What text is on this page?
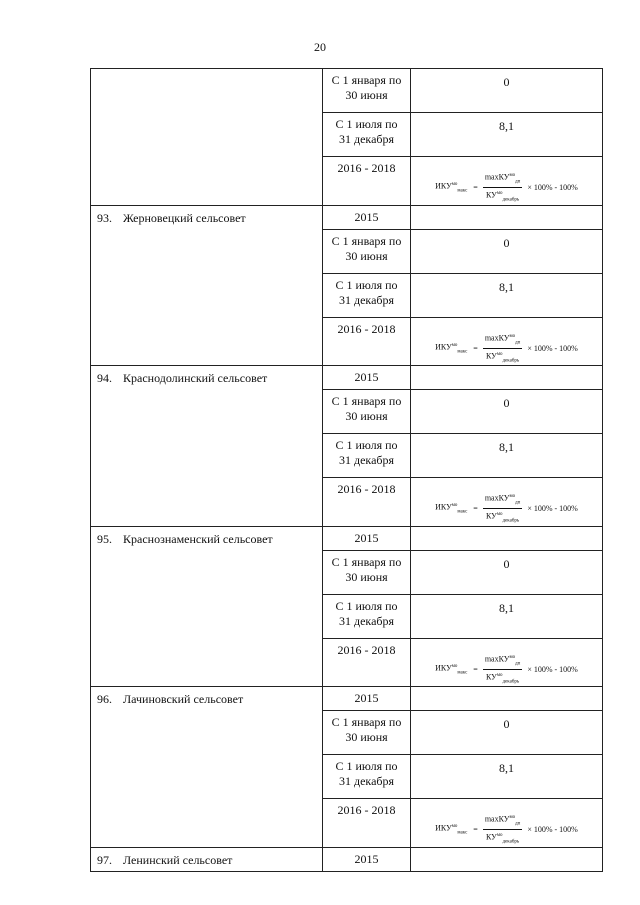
20
	С 1 января по
30 июня	0
	С 1 июля по
31 декабря	8,1
	2016 - 2018	$ИКУ^{мо}_{макс} = \frac{\max КУ^{мо}_{дп}}{КУ^{мо}_{декабрь}} \times 100\% - 100\%$

93. Жерновецкий сельсовет	2015	
	С 1 января по
30 июня	0
	С 1 июля по
31 декабря	8,1
	2016 - 2018	$ИКУ^{мо}_{макс} = \frac{\max КУ^{мо}_{дп}}{КУ^{мо}_{декабрь}} \times 100\% - 100\%$

94. Краснодолинский сельсовет	2015	
	С 1 января по
30 июня	0
	С 1 июля по
31 декабря	8,1
	2016 - 2018	$ИКУ^{мо}_{макс} = \frac{\max КУ^{мо}_{дп}}{КУ^{мо}_{декабрь}} \times 100\% - 100\%$

95. Краснознаменский сельсовет	2015	
	С 1 января по
30 июня	0
	С 1 июля по
31 декабря	8,1
	2016 - 2018	$ИКУ^{мо}_{макс} = \frac{\max КУ^{мо}_{дп}}{КУ^{мо}_{декабрь}} \times 100\% - 100\%$

96. Лачиновский сельсовет	2015	
	С 1 января по
30 июня	0
	С 1 июля по
31 декабря	8,1
	2016 - 2018	$ИКУ^{мо}_{макс} = \frac{\max КУ^{мо}_{дп}}{КУ^{мо}_{декабрь}} \times 100\% - 100\%$

97. Ленинский сельсовет	2015	
